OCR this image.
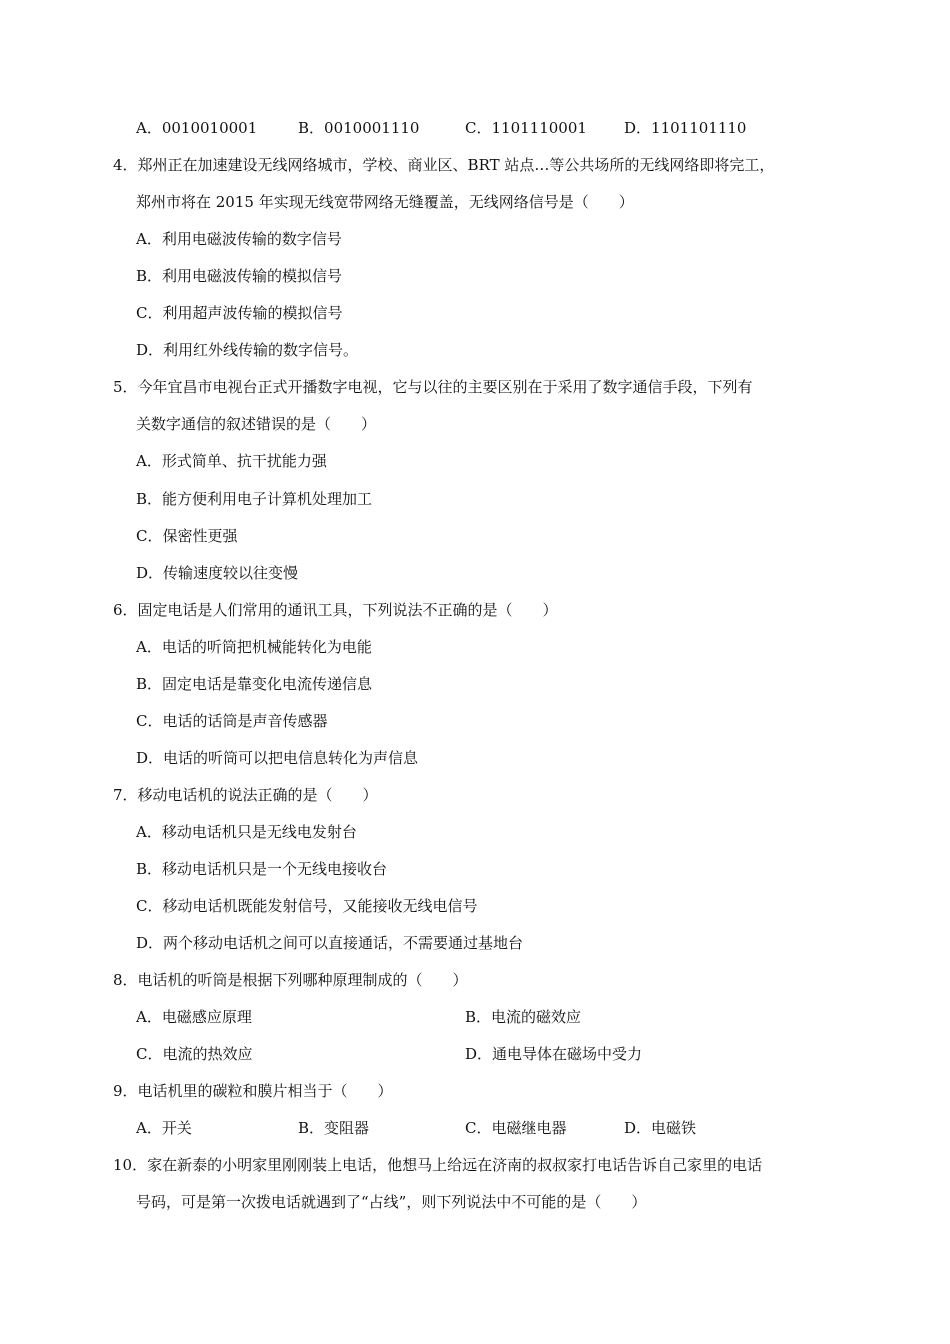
A．0010010001	B．0010001110	C．1101110001 D．1101101110
4．郑州正在加速建设无线网络城市，学校、商业区、BRT 站点…等公共场所的无线网络即将完工，
郑州市将在 2015 年实现无线宽带网络无缝覆盖，无线网络信号是（　　）
A．利用电磁波传输的数字信号
B．利用电磁波传输的模拟信号
C．利用超声波传输的模拟信号
D．利用红外线传输的数字信号。
5．今年宜昌市电视台正式开播数字电视，它与以往的主要区别在于采用了数字通信手段，下列有
关数字通信的叙述错误的是（　　）
A．形式简单、抗干扰能力强
B．能方便利用电子计算机处理加工
C．保密性更强
D．传输速度较以往变慢
6．固定电话是人们常用的通讯工具，下列说法不正确的是（　　）
A．电话的听筒把机械能转化为电能
B．固定电话是靠变化电流传递信息
C．电话的话筒是声音传感器
D．电话的听筒可以把电信息转化为声信息
7．移动电话机的说法正确的是（　　）
A．移动电话机只是无线电发射台
B．移动电话机只是一个无线电接收台
C．移动电话机既能发射信号，又能接收无线电信号
D．两个移动电话机之间可以直接通话，不需要通过基地台
8．电话机的听筒是根据下列哪种原理制成的（　　）
A．电磁感应原理	B．电流的磁效应
C．电流的热效应	D．通电导体在磁场中受力
9．电话机里的碳粒和膜片相当于（　　）
A．开关	B．变阻器	C．电磁继电器	D．电磁铁
10．家在新泰的小明家里刚刚装上电话，他想马上给远在济南的叔叔家打电话告诉自己家里的电话
号码，可是第一次拨电话就遇到了“占线”，则下列说法中不可能的是（　　）
